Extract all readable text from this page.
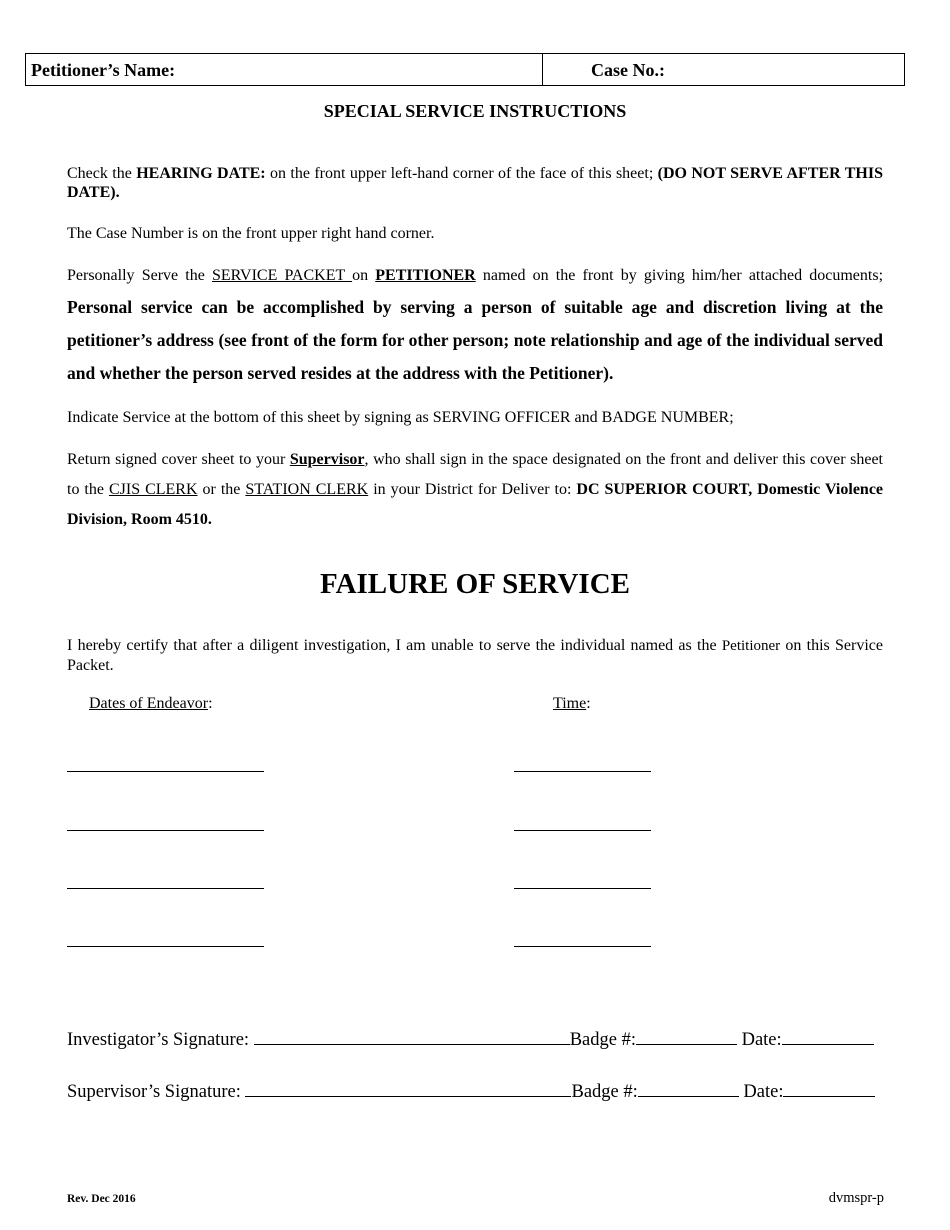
Petitioner’s Name:	Case No.:
SPECIAL SERVICE INSTRUCTIONS
Check the HEARING DATE: on the front upper left-hand corner of the face of this sheet; (DO NOT SERVE AFTER THIS DATE).
The Case Number is on the front upper right hand corner.
Personally Serve the SERVICE PACKET on PETITIONER named on the front by giving him/her attached documents; Personal service can be accomplished by serving a person of suitable age and discretion living at the petitioner’s address (see front of the form for other person; note relationship and age of the individual served and whether the person served resides at the address with the Petitioner).
Indicate Service at the bottom of this sheet by signing as SERVING OFFICER and BADGE NUMBER;
Return signed cover sheet to your Supervisor, who shall sign in the space designated on the front and deliver this cover sheet to the CJIS CLERK or the STATION CLERK in your District for Deliver to: DC SUPERIOR COURT, Domestic Violence Division, Room 4510.
FAILURE OF SERVICE
I hereby certify that after a diligent investigation, I am unable to serve the individual named as the Petitioner on this Service Packet.
Dates of Endeavor:	Time:
Investigator’s Signature:	Badge #:	Date:
Supervisor’s Signature:	Badge #:	Date:
Rev. Dec 2016	dvmspr-p
